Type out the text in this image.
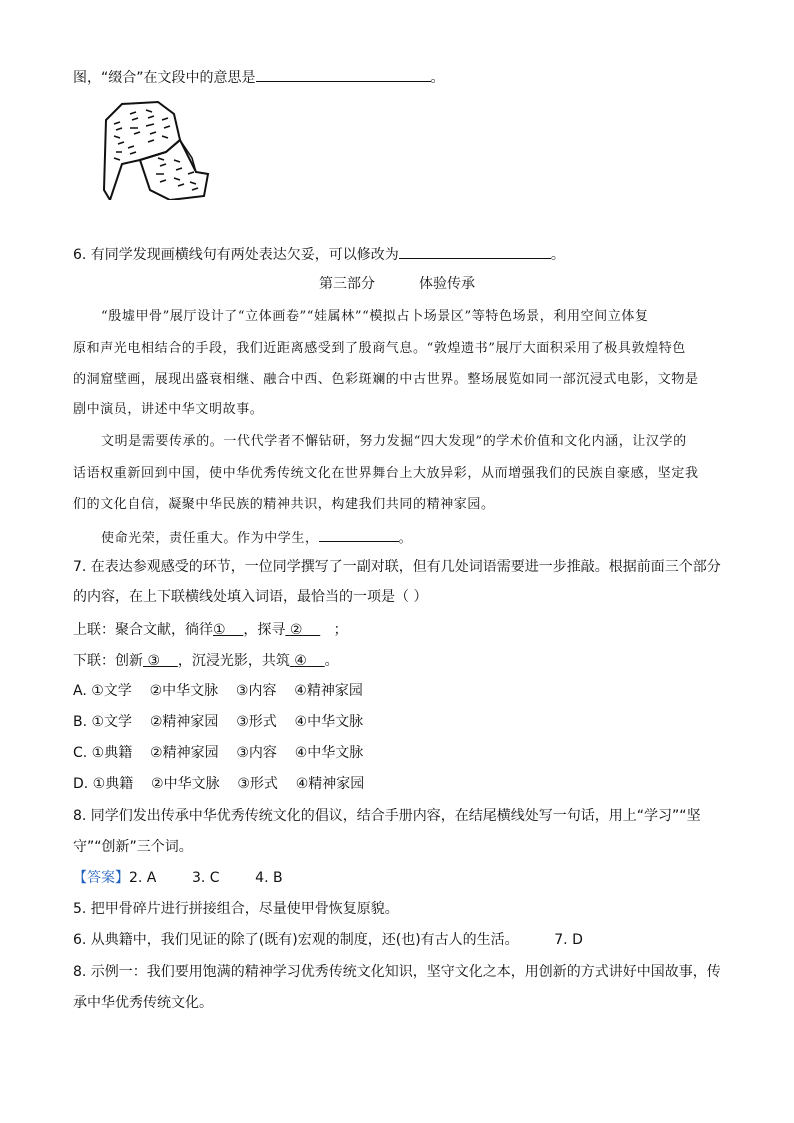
图，“缀合”在文段中的意思是	。
6. 有同学发现画横线句有两处表达欠妥，可以修改为	。
第三部分	体验传承
“殷墟甲骨”展厅设计了“立体画卷”“娃属林”“模拟占卜场景区”等特色场景，利用空间立体复
原和声光电相结合的手段，我们近距离感受到了殷商气息。“敦煌遗书”展厅大面积采用了极具敦煌特色
的洞窟壁画，展现出盛衰相继、融合中西、色彩斑斓的中古世界。整场展览如同一部沉浸式电影，文物是
剧中演员，讲述中华文明故事。
文明是需要传承的。一代代学者不懈钻研，努力发掘“四大发现”的学术价值和文化内涵，让汉学的
话语权重新回到中国，使中华优秀传统文化在世界舞台上大放异彩，从而增强我们的民族自豪感，坚定我
们的文化自信，凝聚中华民族的精神共识，构建我们共同的精神家园。
使命光荣，责任重大。作为中学生，	。
7. 在表达参观感受的环节，一位同学撰写了一副对联，但有几处词语需要进一步推敲。根据前面三个部分
的内容，在上下联横线处填入词语，最恰当的一项是（ ）
上联：聚合文献，徜徉① ，探寻 ② ；
下联：创新 ③ ，沉浸光影，共筑 ④ 。
A. ①文学    ②中华文脉    ③内容    ④精神家园
B. ①文学    ②精神家园    ③形式    ④中华文脉
C. ①典籍    ②精神家园    ③内容    ④中华文脉
D. ①典籍    ②中华文脉    ③形式    ④精神家园
8. 同学们发出传承中华优秀传统文化的倡议，结合手册内容，在结尾横线处写一句话，用上“学习”“坚
守”“创新”三个词。
【答案】2. A        3. C        4. B
5. 把甲骨碎片进行拼接组合，尽量使甲骨恢复原貌。
6. 从典籍中，我们见证的除了(既有)宏观的制度，还(也)有古人的生活。        7. D
8. 示例一：我们要用饱满的精神学习优秀传统文化知识，坚守文化之本，用创新的方式讲好中国故事，传
承中华优秀传统文化。
